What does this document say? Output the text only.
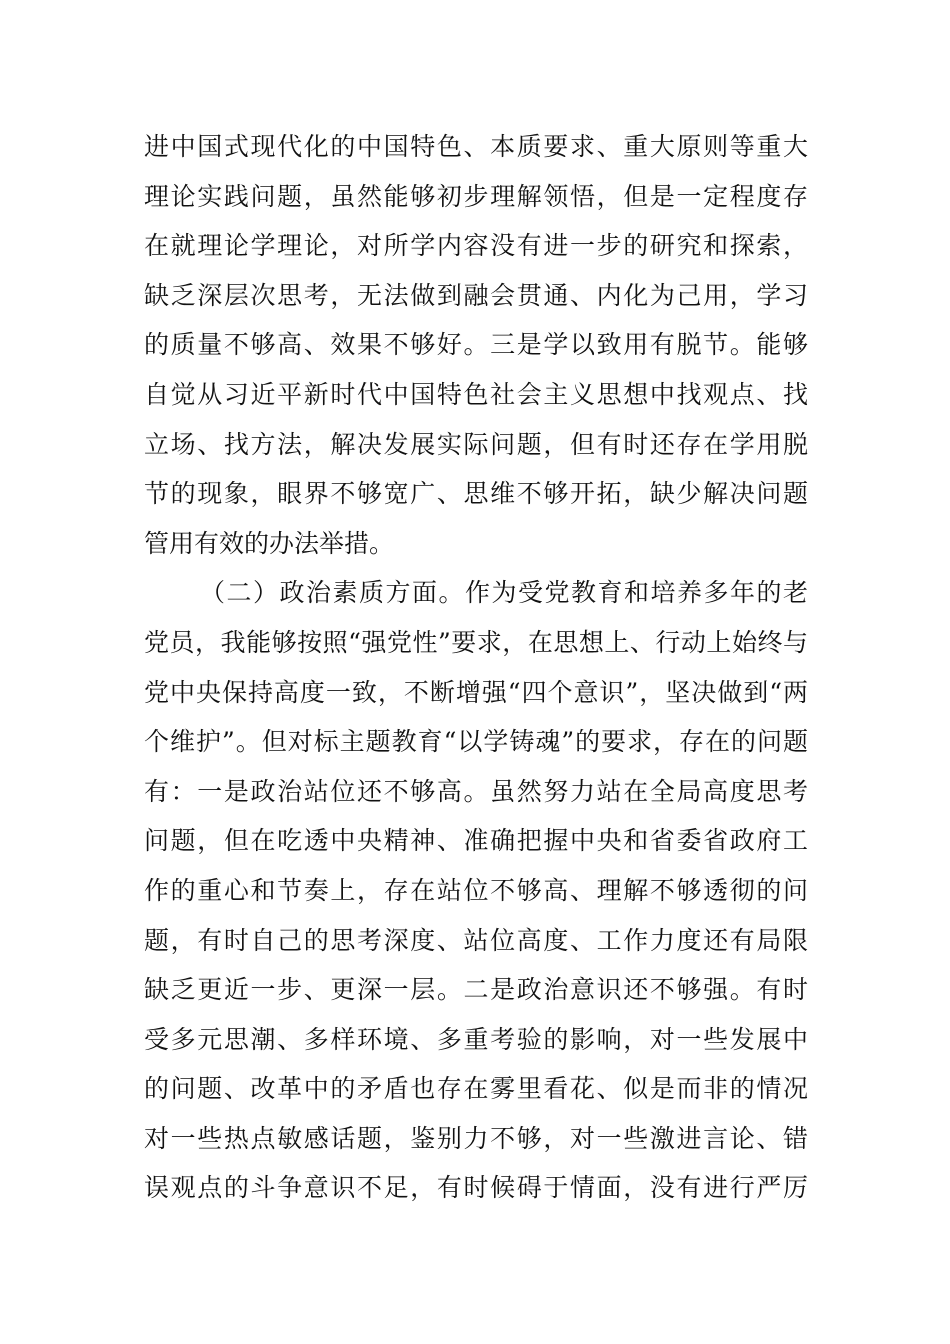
进中国式现代化的中国特色、本质要求、重大原则等重大
理论实践问题，虽然能够初步理解领悟，但是一定程度存
在就理论学理论，对所学内容没有进一步的研究和探索，
缺乏深层次思考，无法做到融会贯通、内化为己用，学习
的质量不够高、效果不够好。三是学以致用有脱节。能够
自觉从习近平新时代中国特色社会主义思想中找观点、找
立场、找方法，解决发展实际问题，但有时还存在学用脱
节的现象，眼界不够宽广、思维不够开拓，缺少解决问题
管用有效的办法举措。
（二）政治素质方面。作为受党教育和培养多年的老
党员，我能够按照“强党性”要求，在思想上、行动上始终与
党中央保持高度一致，不断增强“四个意识”，坚决做到“两
个维护”。但对标主题教育“以学铸魂”的要求，存在的问题
有：一是政治站位还不够高。虽然努力站在全局高度思考
问题，但在吃透中央精神、准确把握中央和省委省政府工
作的重心和节奏上，存在站位不够高、理解不够透彻的问
题，有时自己的思考深度、站位高度、工作力度还有局限
缺乏更近一步、更深一层。二是政治意识还不够强。有时
受多元思潮、多样环境、多重考验的影响，对一些发展中
的问题、改革中的矛盾也存在雾里看花、似是而非的情况
对一些热点敏感话题，鉴别力不够，对一些激进言论、错
误观点的斗争意识不足，有时候碍于情面，没有进行严厉
